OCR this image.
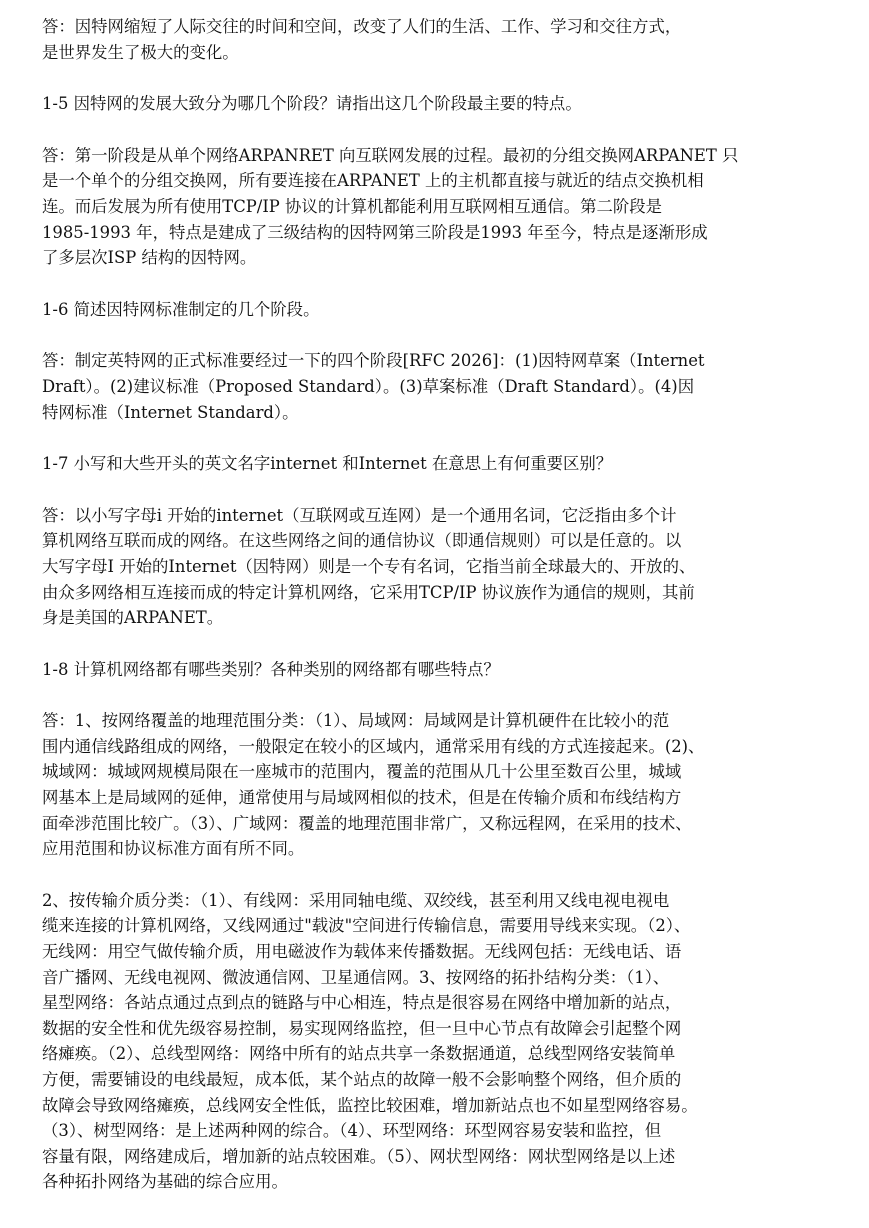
答：因特网缩短了人际交往的时间和空间，改变了人们的生活、工作、学习和交往方式，
是世界发生了极大的变化。

1-5 因特网的发展大致分为哪几个阶段？请指出这几个阶段最主要的特点。

答：第一阶段是从单个网络ARPANRET 向互联网发展的过程。最初的分组交换网ARPANET 只
是一个单个的分组交换网，所有要连接在ARPANET 上的主机都直接与就近的结点交换机相
连。而后发展为所有使用TCP/IP 协议的计算机都能利用互联网相互通信。第二阶段是
1985-1993 年，特点是建成了三级结构的因特网第三阶段是1993 年至今，特点是逐渐形成
了多层次ISP 结构的因特网。

1-6 简述因特网标准制定的几个阶段。

答：制定英特网的正式标准要经过一下的四个阶段[RFC 2026]：(1)因特网草案（Internet
Draft）。(2)建议标准（Proposed Standard）。(3)草案标准（Draft Standard）。(4)因
特网标准（Internet Standard）。

1-7 小写和大些开头的英文名字internet 和Internet 在意思上有何重要区别？

答：以小写字母i 开始的internet（互联网或互连网）是一个通用名词，它泛指由多个计
算机网络互联而成的网络。在这些网络之间的通信协议（即通信规则）可以是任意的。以
大写字母I 开始的Internet（因特网）则是一个专有名词，它指当前全球最大的、开放的、
由众多网络相互连接而成的特定计算机网络，它采用TCP/IP 协议族作为通信的规则，其前
身是美国的ARPANET。

1-8 计算机网络都有哪些类别？各种类别的网络都有哪些特点？

答：1、按网络覆盖的地理范围分类：（1）、局域网：局域网是计算机硬件在比较小的范
围内通信线路组成的网络，一般限定在较小的区域内，通常采用有线的方式连接起来。(2)、
城域网：城域网规模局限在一座城市的范围内，覆盖的范围从几十公里至数百公里，城域
网基本上是局域网的延伸，通常使用与局域网相似的技术，但是在传输介质和布线结构方
面牵涉范围比较广。（3）、广域网：覆盖的地理范围非常广，又称远程网，在采用的技术、
应用范围和协议标准方面有所不同。

2、按传输介质分类：（1）、有线网：采用同轴电缆、双绞线，甚至利用又线电视电视电
缆来连接的计算机网络，又线网通过"载波"空间进行传输信息，需要用导线来实现。（2）、
无线网：用空气做传输介质，用电磁波作为载体来传播数据。无线网包括：无线电话、语
音广播网、无线电视网、微波通信网、卫星通信网。3、按网络的拓扑结构分类：（1）、
星型网络：各站点通过点到点的链路与中心相连，特点是很容易在网络中增加新的站点，
数据的安全性和优先级容易控制，易实现网络监控，但一旦中心节点有故障会引起整个网
络瘫痪。（2）、总线型网络：网络中所有的站点共享一条数据通道，总线型网络安装简单
方便，需要铺设的电线最短，成本低，某个站点的故障一般不会影响整个网络，但介质的
故障会导致网络瘫痪，总线网安全性低，监控比较困难，增加新站点也不如星型网络容易。
（3）、树型网络：是上述两种网的综合。（4）、环型网络：环型网容易安装和监控，但
容量有限，网络建成后，增加新的站点较困难。（5）、网状型网络：网状型网络是以上述
各种拓扑网络为基础的综合应用。
